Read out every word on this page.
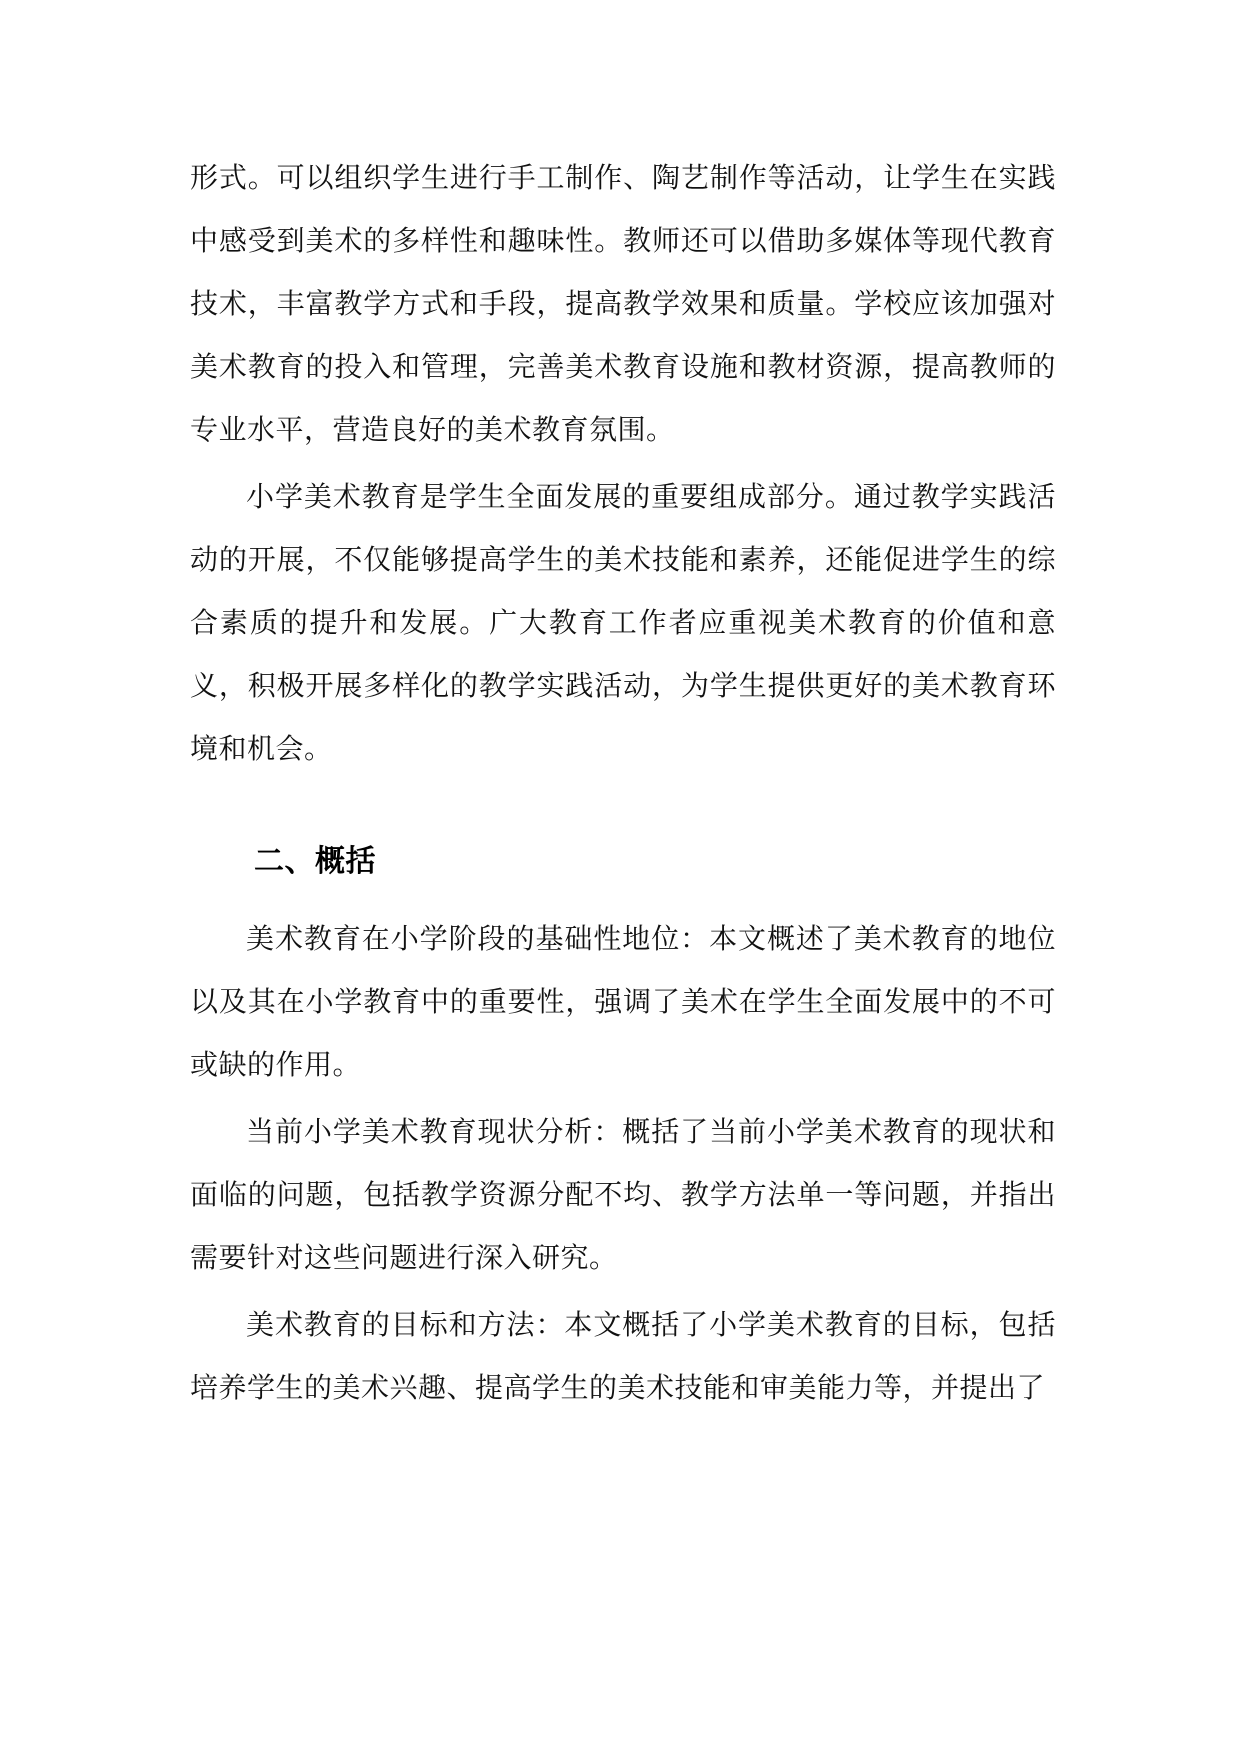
形式。可以组织学生进行手工制作、陶艺制作等活动，让学生在实践中感受到美术的多样性和趣味性。教师还可以借助多媒体等现代教育技术，丰富教学方式和手段，提高教学效果和质量。学校应该加强对美术教育的投入和管理，完善美术教育设施和教材资源，提高教师的专业水平，营造良好的美术教育氛围。

小学美术教育是学生全面发展的重要组成部分。通过教学实践活动的开展，不仅能够提高学生的美术技能和素养，还能促进学生的综合素质的提升和发展。广大教育工作者应重视美术教育的价值和意义，积极开展多样化的教学实践活动，为学生提供更好的美术教育环境和机会。

二、概括

美术教育在小学阶段的基础性地位：本文概述了美术教育的地位以及其在小学教育中的重要性，强调了美术在学生全面发展中的不可或缺的作用。

当前小学美术教育现状分析：概括了当前小学美术教育的现状和面临的问题，包括教学资源分配不均、教学方法单一等问题，并指出需要针对这些问题进行深入研究。

美术教育的目标和方法：本文概括了小学美术教育的目标，包括培养学生的美术兴趣、提高学生的美术技能和审美能力等，并提出了
